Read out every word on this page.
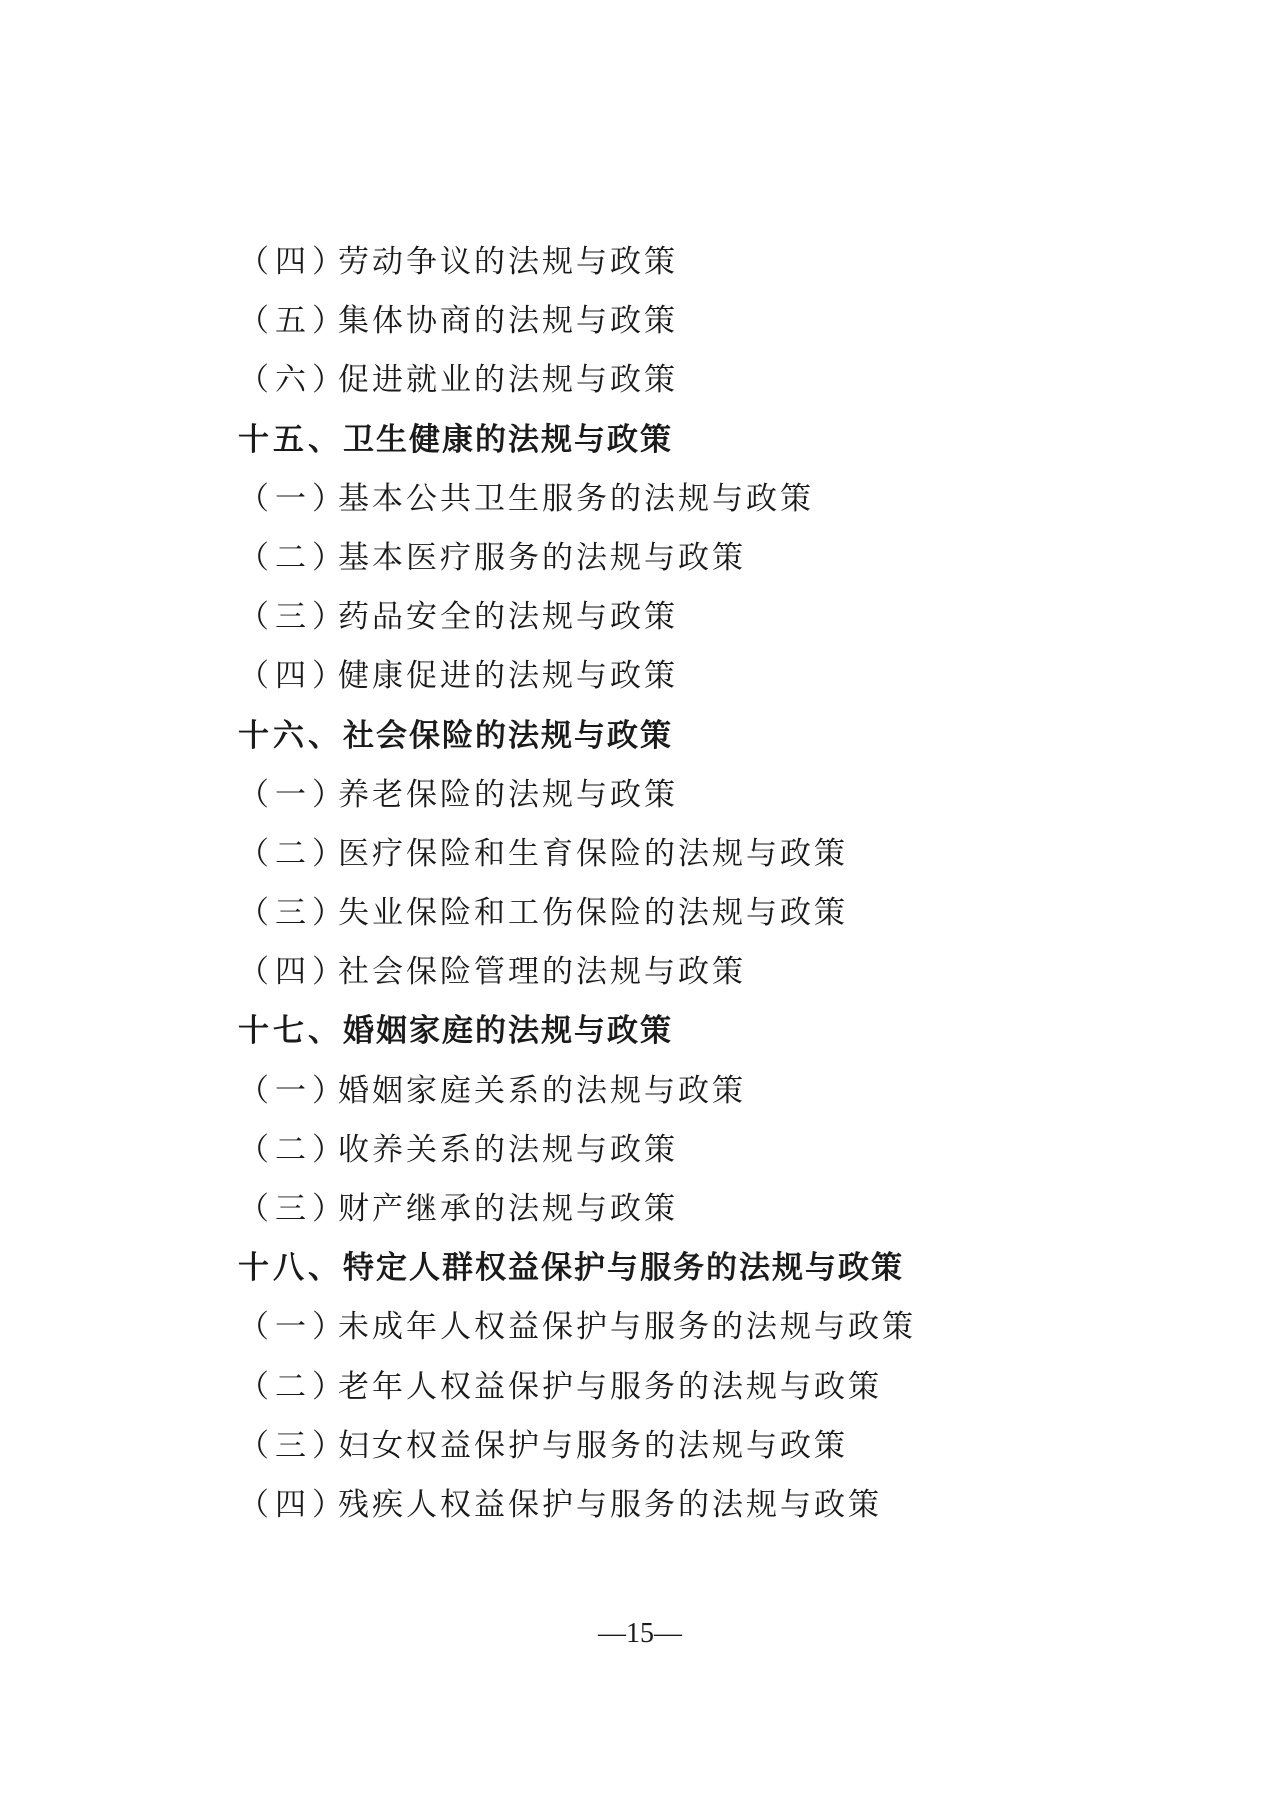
（四）劳动争议的法规与政策
（五）集体协商的法规与政策
（六）促进就业的法规与政策
十五、卫生健康的法规与政策
（一）基本公共卫生服务的法规与政策
（二）基本医疗服务的法规与政策
（三）药品安全的法规与政策
（四）健康促进的法规与政策
十六、社会保险的法规与政策
（一）养老保险的法规与政策
（二）医疗保险和生育保险的法规与政策
（三）失业保险和工伤保险的法规与政策
（四）社会保险管理的法规与政策
十七、婚姻家庭的法规与政策
（一）婚姻家庭关系的法规与政策
（二）收养关系的法规与政策
（三）财产继承的法规与政策
十八、特定人群权益保护与服务的法规与政策
（一）未成年人权益保护与服务的法规与政策
（二）老年人权益保护与服务的法规与政策
（三）妇女权益保护与服务的法规与政策
（四）残疾人权益保护与服务的法规与政策
—15—
